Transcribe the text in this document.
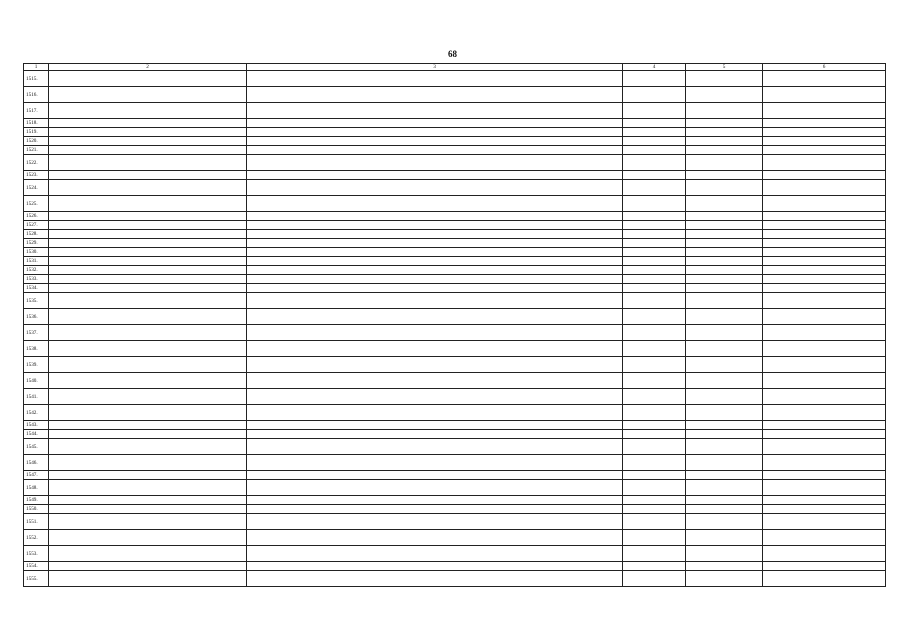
68
1	2	3	4	5	6
1515.					
1516.					
1517.					
1518.					
1519.					
1520.					
1521.					
1522.					
1523.					
1524.					
1525.					
1526.					
1527.					
1528.					
1529.					
1530.					
1531.					
1532.					
1533.					
1534.					
1535.					
1536.					
1537.					
1538.					
1539.					
1540.					
1541.					
1542.					
1543.					
1544.					
1545.					
1546.					
1547.					
1548.					
1549.					
1550.					
1551.					
1552.					
1553.					
1554.					
1555.					
